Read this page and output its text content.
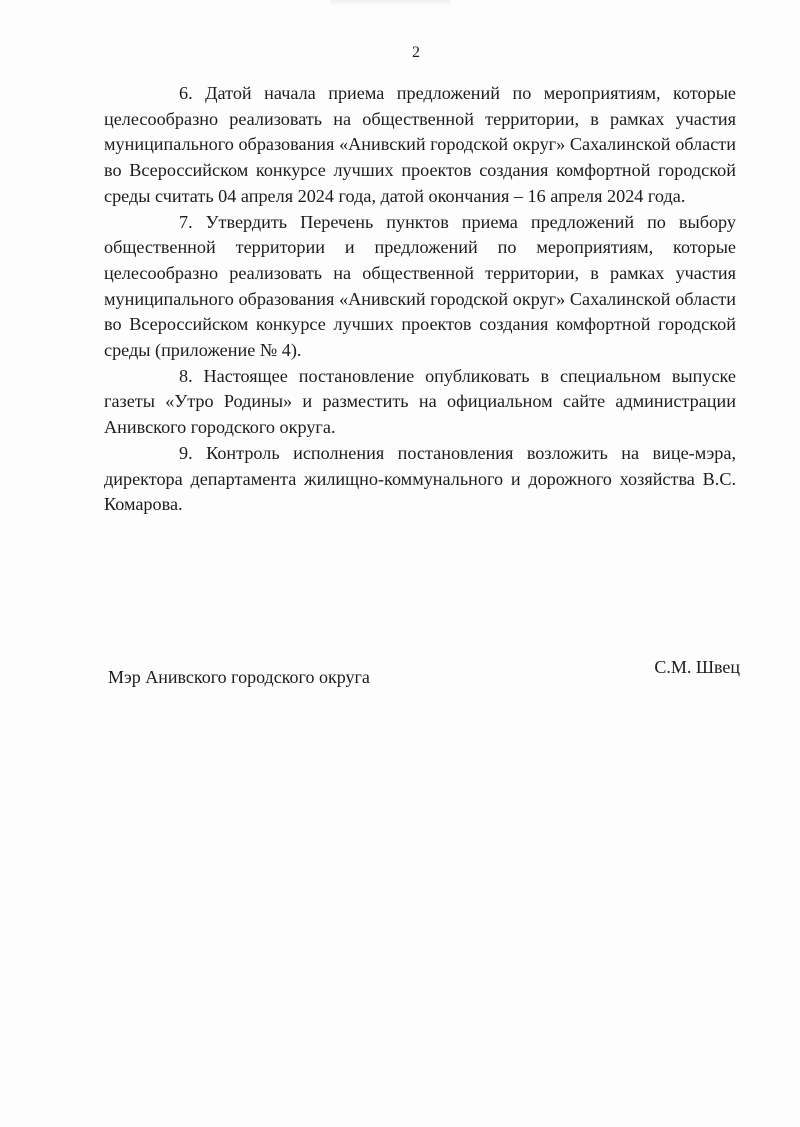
2

6. Датой начала приема предложений по мероприятиям, которые целесообразно реализовать на общественной территории, в рамках участия муниципального образования «Анивский городской округ» Сахалинской области во Всероссийском конкурсе лучших проектов создания комфортной городской среды считать 04 апреля 2024 года, датой окончания – 16 апреля 2024 года.

7. Утвердить Перечень пунктов приема предложений по выбору общественной территории и предложений по мероприятиям, которые целесообразно реализовать на общественной территории, в рамках участия муниципального образования «Анивский городской округ» Сахалинской области во Всероссийском конкурсе лучших проектов создания комфортной городской среды (приложение № 4).

8. Настоящее постановление опубликовать в специальном выпуске газеты «Утро Родины» и разместить на официальном сайте администрации Анивского городского округа.

9. Контроль исполнения постановления возложить на вице-мэра, директора департамента жилищно-коммунального и дорожного хозяйства В.С. Комарова.

Мэр Анивского городского округа	С.М. Швец
